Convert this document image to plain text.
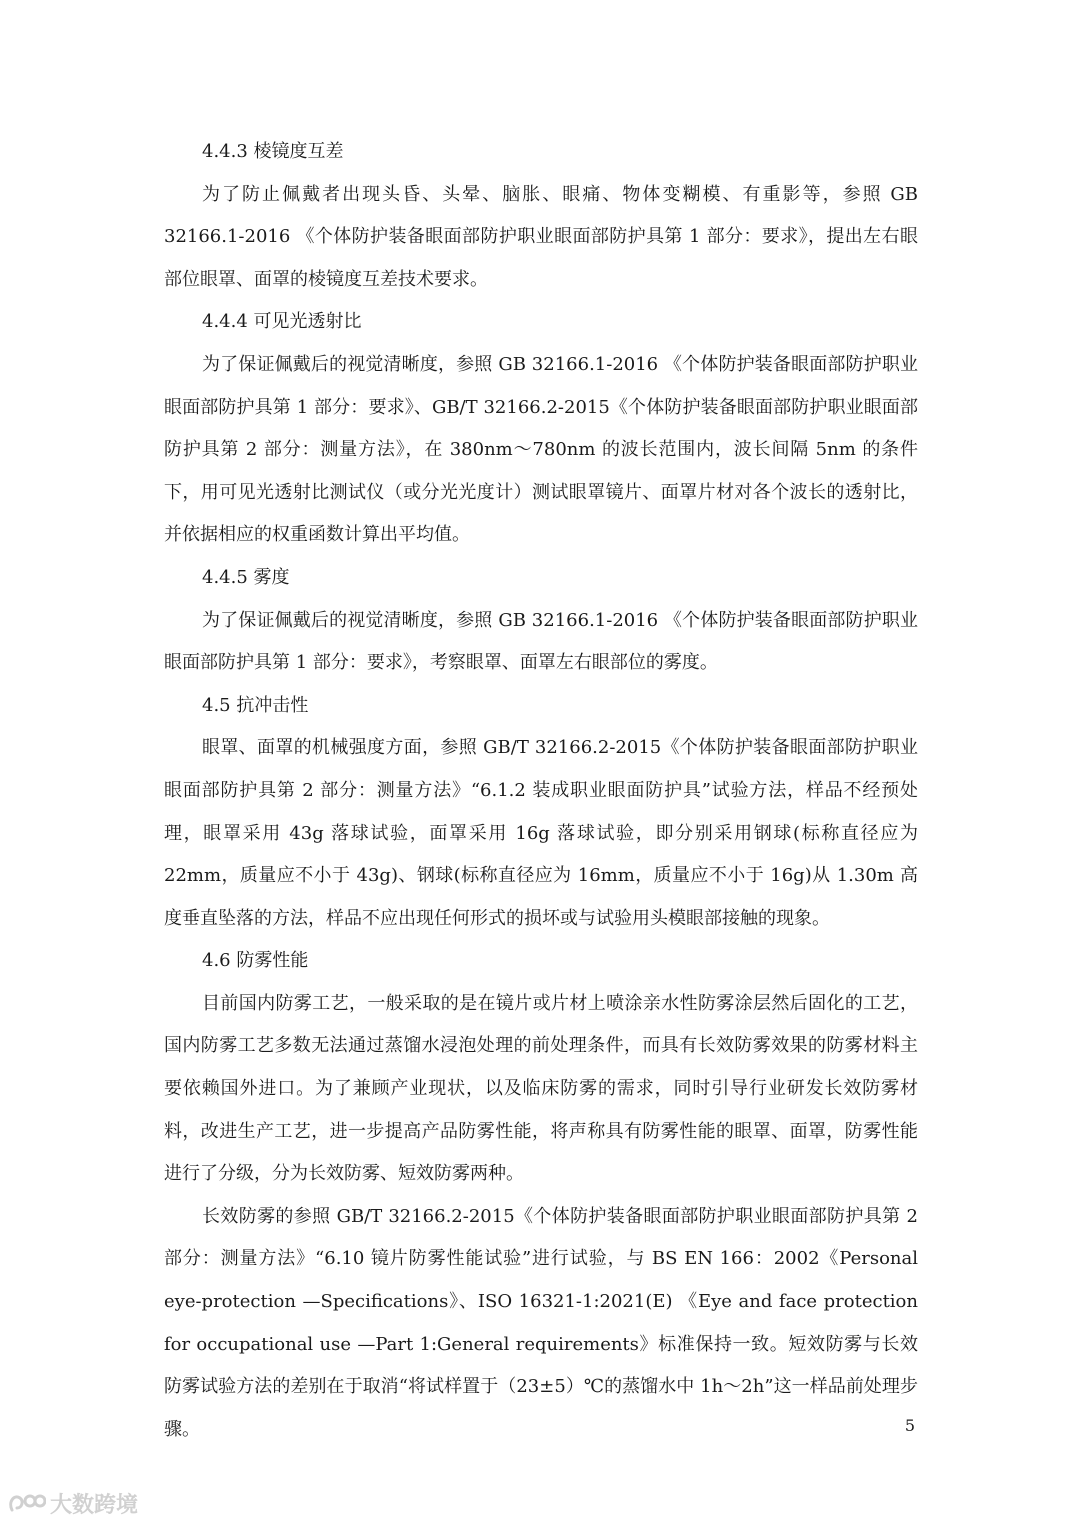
4.4.3 棱镜度互差

为了防止佩戴者出现头昏、头晕、脑胀、眼痛、物体变糊模、有重影等，参照 GB 32166.1-2016 《个体防护装备眼面部防护职业眼面部防护具第 1 部分：要求》，提出左右眼部位眼罩、面罩的棱镜度互差技术要求。

4.4.4 可见光透射比

为了保证佩戴后的视觉清晰度，参照 GB 32166.1-2016 《个体防护装备眼面部防护职业眼面部防护具第 1 部分：要求》、GB/T 32166.2-2015《个体防护装备眼面部防护职业眼面部防护具第 2 部分：测量方法》，在 380nm～780nm 的波长范围内，波长间隔 5nm 的条件下，用可见光透射比测试仪（或分光光度计）测试眼罩镜片、面罩片材对各个波长的透射比，并依据相应的权重函数计算出平均值。

4.4.5 雾度

为了保证佩戴后的视觉清晰度，参照 GB 32166.1-2016 《个体防护装备眼面部防护职业眼面部防护具第 1 部分：要求》，考察眼罩、面罩左右眼部位的雾度。

4.5 抗冲击性

眼罩、面罩的机械强度方面，参照 GB/T 32166.2-2015《个体防护装备眼面部防护职业眼面部防护具第 2 部分：测量方法》“6.1.2 装成职业眼面防护具”试验方法，样品不经预处理，眼罩采用 43g 落球试验，面罩采用 16g 落球试验，即分别采用钢球(标称直径应为 22mm，质量应不小于 43g)、钢球(标称直径应为 16mm，质量应不小于 16g)从 1.30m 高度垂直坠落的方法，样品不应出现任何形式的损坏或与试验用头模眼部接触的现象。

4.6 防雾性能

目前国内防雾工艺，一般采取的是在镜片或片材上喷涂亲水性防雾涂层然后固化的工艺，国内防雾工艺多数无法通过蒸馏水浸泡处理的前处理条件，而具有长效防雾效果的防雾材料主要依赖国外进口。为了兼顾产业现状，以及临床防雾的需求，同时引导行业研发长效防雾材料，改进生产工艺，进一步提高产品防雾性能，将声称具有防雾性能的眼罩、面罩，防雾性能进行了分级，分为长效防雾、短效防雾两种。

长效防雾的参照 GB/T 32166.2-2015《个体防护装备眼面部防护职业眼面部防护具第 2 部分：测量方法》“6.10 镜片防雾性能试验”进行试验，与 BS EN 166：2002《Personal eye-protection —Specifications》、ISO 16321-1:2021(E) 《Eye and face protection for occupational use —Part 1:General requirements》标准保持一致。短效防雾与长效防雾试验方法的差别在于取消“将试样置于（23±5）℃的蒸馏水中 1h～2h”这一样品前处理步骤。	5
大数跨境
